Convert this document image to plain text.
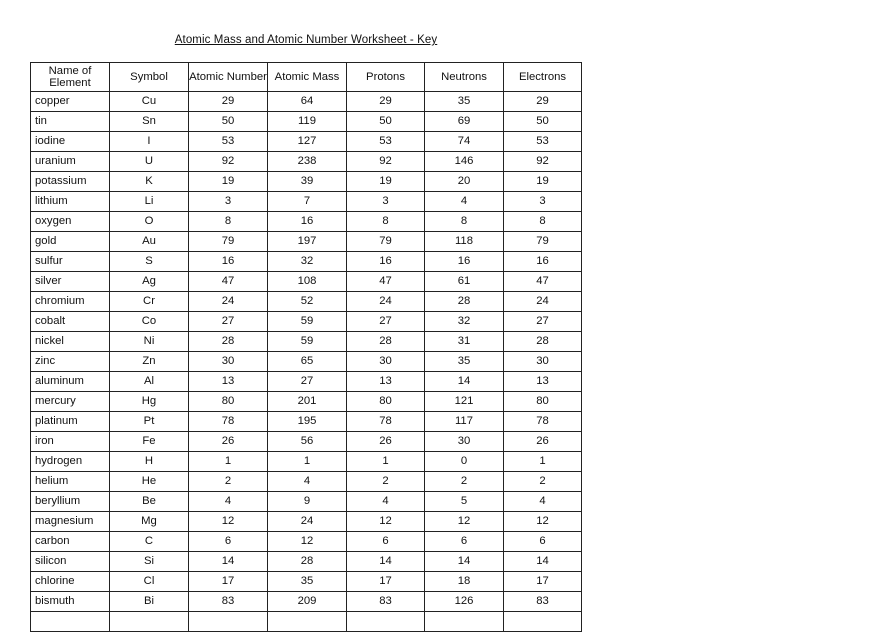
Atomic Mass and Atomic Number Worksheet - Key
Name of Element	Symbol	Atomic Number	Atomic Mass	Protons	Neutrons	Electrons
copper	Cu	29	64	29	35	29
tin	Sn	50	119	50	69	50
iodine	I	53	127	53	74	53
uranium	U	92	238	92	146	92
potassium	K	19	39	19	20	19
lithium	Li	3	7	3	4	3
oxygen	O	8	16	8	8	8
gold	Au	79	197	79	118	79
sulfur	S	16	32	16	16	16
silver	Ag	47	108	47	61	47
chromium	Cr	24	52	24	28	24
cobalt	Co	27	59	27	32	27
nickel	Ni	28	59	28	31	28
zinc	Zn	30	65	30	35	30
aluminum	Al	13	27	13	14	13
mercury	Hg	80	201	80	121	80
platinum	Pt	78	195	78	117	78
iron	Fe	26	56	26	30	26
hydrogen	H	1	1	1	0	1
helium	He	2	4	2	2	2
beryllium	Be	4	9	4	5	4
magnesium	Mg	12	24	12	12	12
carbon	C	6	12	6	6	6
silicon	Si	14	28	14	14	14
chlorine	Cl	17	35	17	18	17
bismuth	Bi	83	209	83	126	83
